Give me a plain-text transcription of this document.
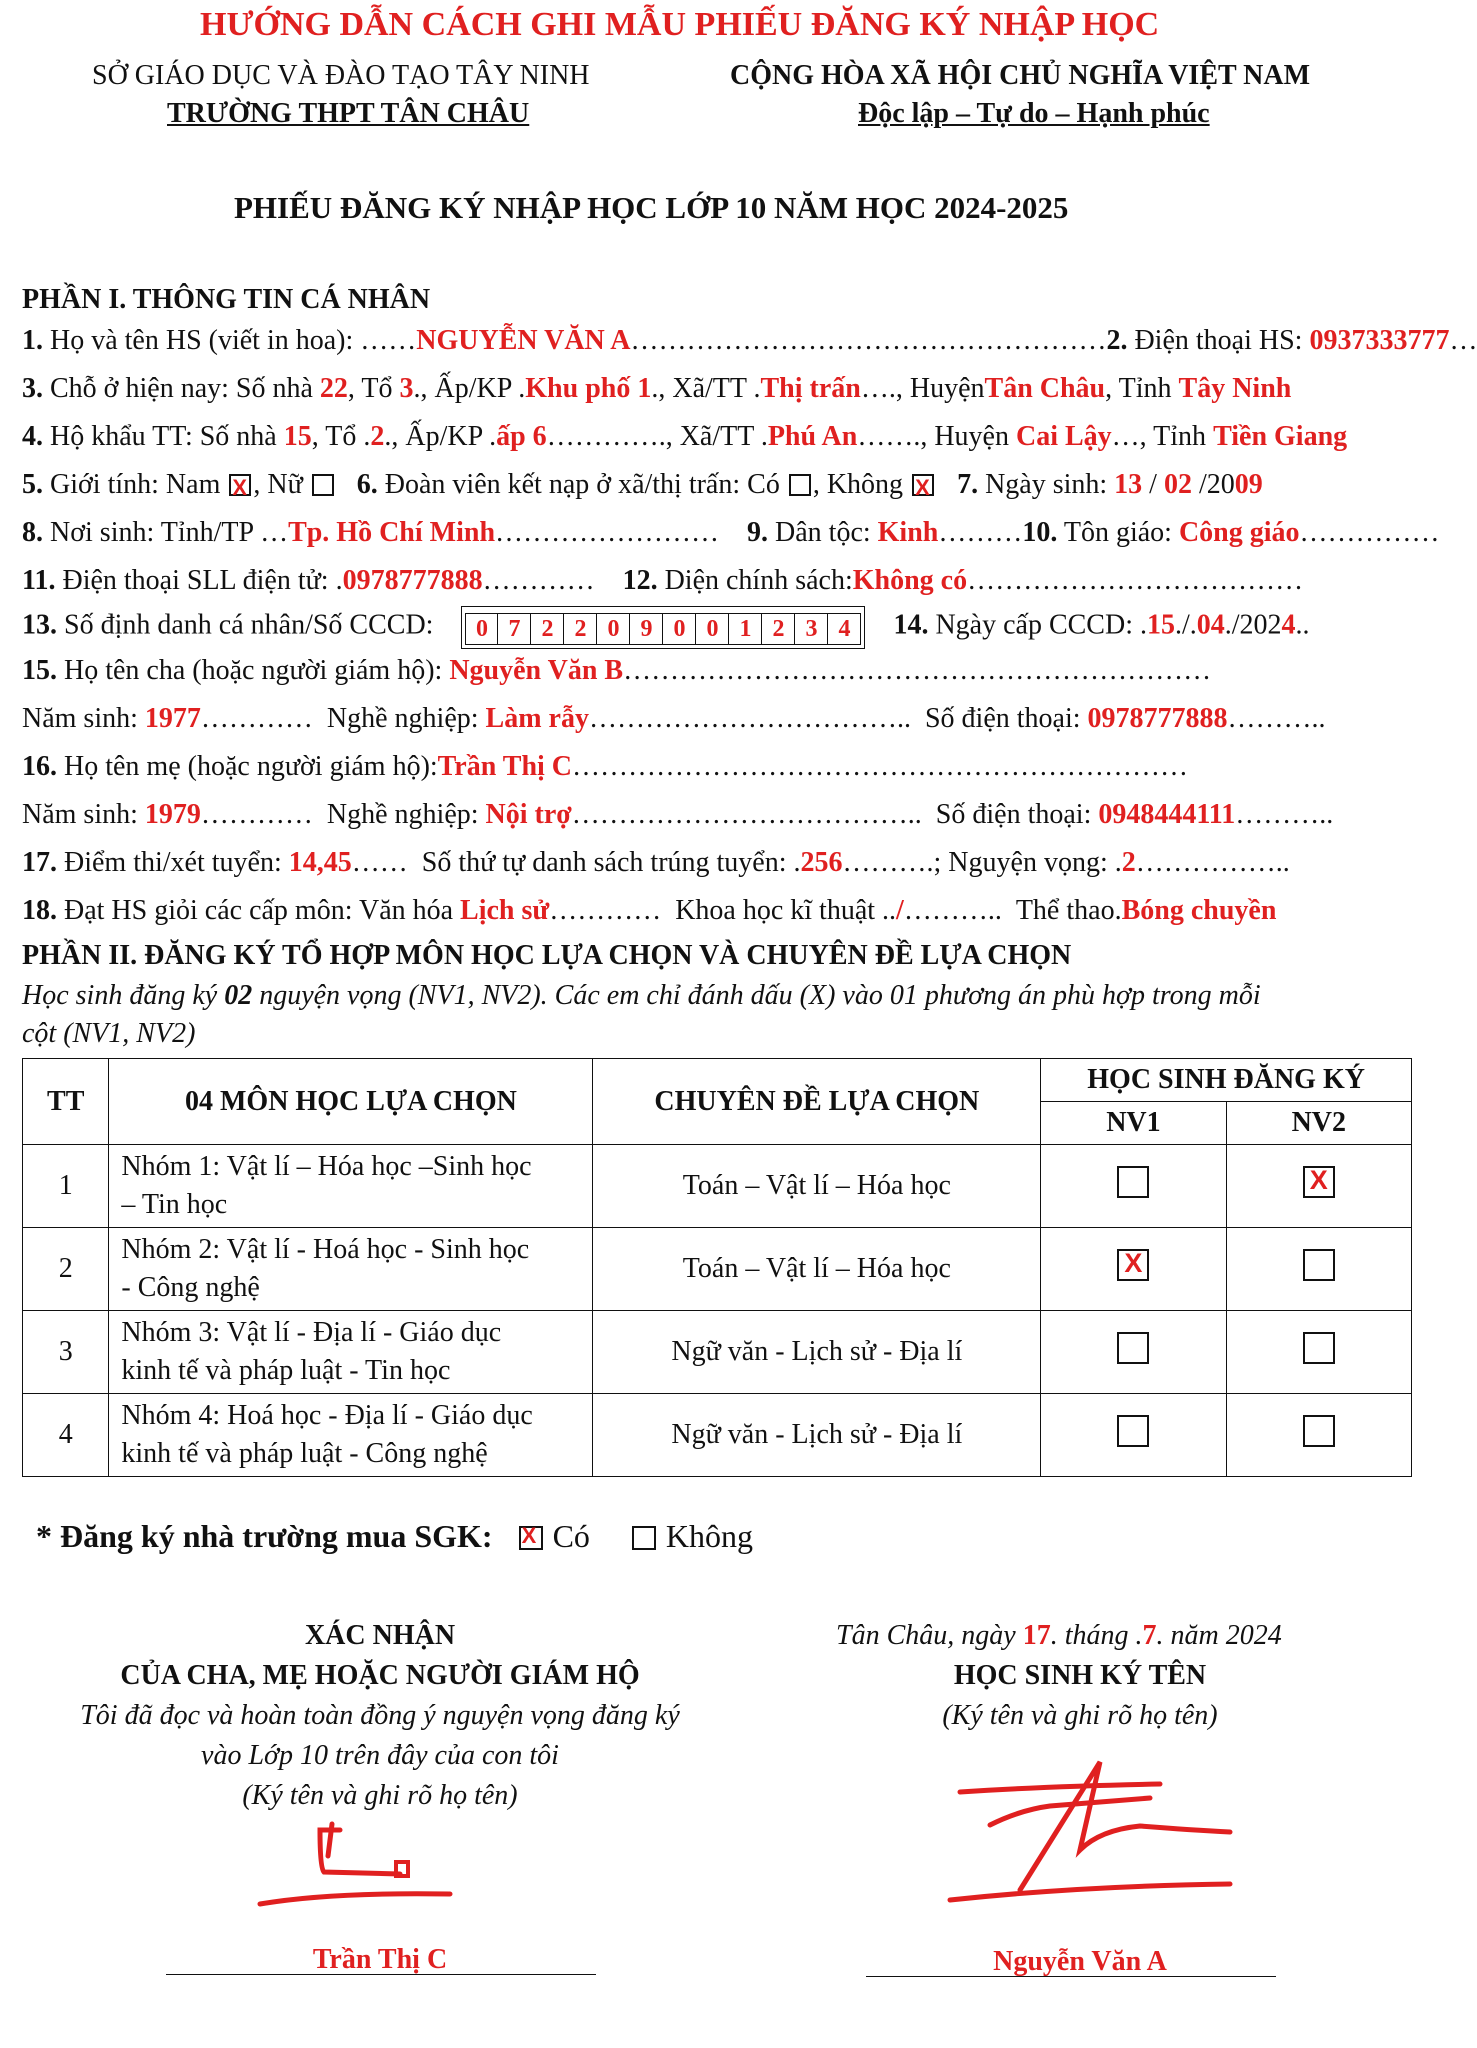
HƯỚNG DẪN CÁCH GHI MẪU PHIẾU ĐĂNG KÝ NHẬP HỌC
SỞ GIÁO DỤC VÀ ĐÀO TẠO TÂY NINH
TRƯỜNG THPT TÂN CHÂU
CỘNG HÒA XÃ HỘI CHỦ NGHĨA VIỆT NAM
Độc lập – Tự do – Hạnh phúc
PHIẾU ĐĂNG KÝ NHẬP HỌC LỚP 10 NĂM HỌC 2024-2025
PHẦN I. THÔNG TIN CÁ NHÂN
1. Họ và tên HS (viết in hoa): ……NGUYỄN VĂN A……………………………………………2. Điện thoại HS: 0937333777…
3. Chỗ ở hiện nay: Số nhà 22, Tổ 3., Ấp/KP .Khu phố 1., Xã/TT .Thị trấn…., HuyệnTân Châu, Tỉnh Tây Ninh
4. Hộ khẩu TT: Số nhà 15, Tổ .2., Ấp/KP .ấp 6…………., Xã/TT .Phú An……., Huyện Cai Lậy…, Tỉnh Tiền Giang
5. Giới tính: Nam X , Nữ 6. Đoàn viên kết nạp ở xã/thị trấn: Có , Không X 7. Ngày sinh: 13 / 02 /2009
8. Nơi sinh: Tỉnh/TP …Tp. Hồ Chí Minh……………………    9. Dân tộc: Kinh………10. Tôn giáo: Công giáo……………
11. Điện thoại SLL điện tử: .0978777888…………    12. Diện chính sách:Không có………………………………
13. Số định danh cá nhân/Số CCCD: 0 7 2 2 0 9 0 0 1 2 3 4 14. Ngày cấp CCCD: .15./.04./2024..
15. Họ tên cha (hoặc người giám hộ): Nguyễn Văn B………………………………………………………
Năm sinh: 1977…………  Nghề nghiệp: Làm rẫy……………………………..  Số điện thoại: 0978777888………..
16. Họ tên mẹ (hoặc người giám hộ):Trần Thị C…………………………………………………………
Năm sinh: 1979…………  Nghề nghiệp: Nội trợ………………………………..  Số điện thoại: 0948444111………..
17. Điểm thi/xét tuyển: 14,45……  Số thứ tự danh sách trúng tuyển: .256……….; Nguyện vọng: .2……………..
18. Đạt HS giỏi các cấp môn: Văn hóa Lịch sử…………  Khoa học kĩ thuật ../………..  Thể thao.Bóng chuyền
PHẦN II. ĐĂNG KÝ TỔ HỢP MÔN HỌC LỰA CHỌN VÀ CHUYÊN ĐỀ LỰA CHỌN
Học sinh đăng ký 02 nguyện vọng (NV1, NV2). Các em chỉ đánh dấu (X) vào 01 phương án phù hợp trong mỗi
cột (NV1, NV2)
TT	04 MÔN HỌC LỰA CHỌN	CHUYÊN ĐỀ LỰA CHỌN	HỌC SINH ĐĂNG KÝ	
			NV1	NV2
1	Nhóm 1: Vật lí – Hóa học –Sinh học
– Tin học	Toán – Vật lí – Hóa học		X
2	Nhóm 2: Vật lí - Hoá học - Sinh học
- Công nghệ	Toán – Vật lí – Hóa học	X	
3	Nhóm 3: Vật lí - Địa lí - Giáo dục
kinh tế và pháp luật - Tin học	Ngữ văn - Lịch sử - Địa lí		
4	Nhóm 4: Hoá học - Địa lí - Giáo dục
kinh tế và pháp luật - Công nghệ	Ngữ văn - Lịch sử - Địa lí		
* Đăng ký nhà trường mua SGK: X Có Không
XÁC NHẬN
CỦA CHA, MẸ HOẶC NGƯỜI GIÁM HỘ
Tôi đã đọc và hoàn toàn đồng ý nguyện vọng đăng ký
vào Lớp 10 trên đây của con tôi
(Ký tên và ghi rõ họ tên)
Trần Thị C
Tân Châu, ngày 17. tháng .7. năm 2024
HỌC SINH KÝ TÊN
(Ký tên và ghi rõ họ tên)
Nguyễn Văn A
